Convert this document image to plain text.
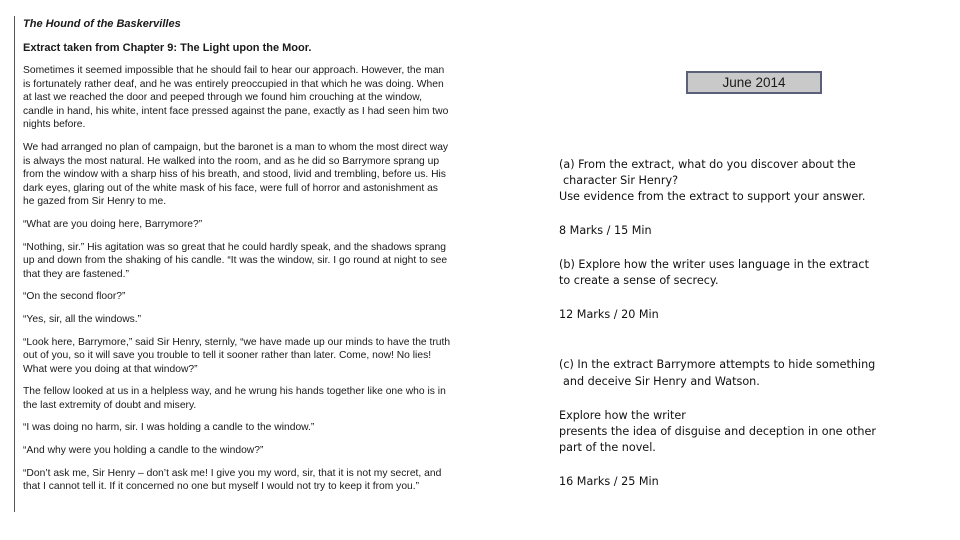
The Hound of the Baskervilles
Extract taken from Chapter 9: The Light upon the Moor.

Sometimes it seemed impossible that he should fail to hear our approach. However, the man is fortunately rather deaf, and he was entirely preoccupied in that which he was doing. When at last we reached the door and peeped through we found him crouching at the window, candle in hand, his white, intent face pressed against the pane, exactly as I had seen him two nights before.

We had arranged no plan of campaign, but the baronet is a man to whom the most direct way is always the most natural. He walked into the room, and as he did so Barrymore sprang up from the window with a sharp hiss of his breath, and stood, livid and trembling, before us. His dark eyes, glaring out of the white mask of his face, were full of horror and astonishment as he gazed from Sir Henry to me.

“What are you doing here, Barrymore?”

“Nothing, sir.” His agitation was so great that he could hardly speak, and the shadows sprang up and down from the shaking of his candle. “It was the window, sir. I go round at night to see that they are fastened.”

“On the second floor?”

“Yes, sir, all the windows.”

“Look here, Barrymore,” said Sir Henry, sternly, “we have made up our minds to have the truth out of you, so it will save you trouble to tell it sooner rather than later. Come, now! No lies! What were you doing at that window?”

The fellow looked at us in a helpless way, and he wrung his hands together like one who is in the last extremity of doubt and misery.

“I was doing no harm, sir. I was holding a candle to the window.”

“And why were you holding a candle to the window?”

“Don’t ask me, Sir Henry – don’t ask me! I give you my word, sir, that it is not my secret, and that I cannot tell it. If it concerned no one but myself I would not try to keep it from you.”

June 2014

(a) From the extract, what do you discover about the

character Sir Henry?

Use evidence from the extract to support your answer.

8 Marks / 15 Min

(b) Explore how the writer uses language in the extract

to create a sense of secrecy.

12 Marks / 20 Min

(c) In the extract Barrymore attempts to hide something

and deceive Sir Henry and Watson.

Explore how the writer

presents the idea of disguise and deception in one other

part of the novel.

16 Marks / 25 Min
